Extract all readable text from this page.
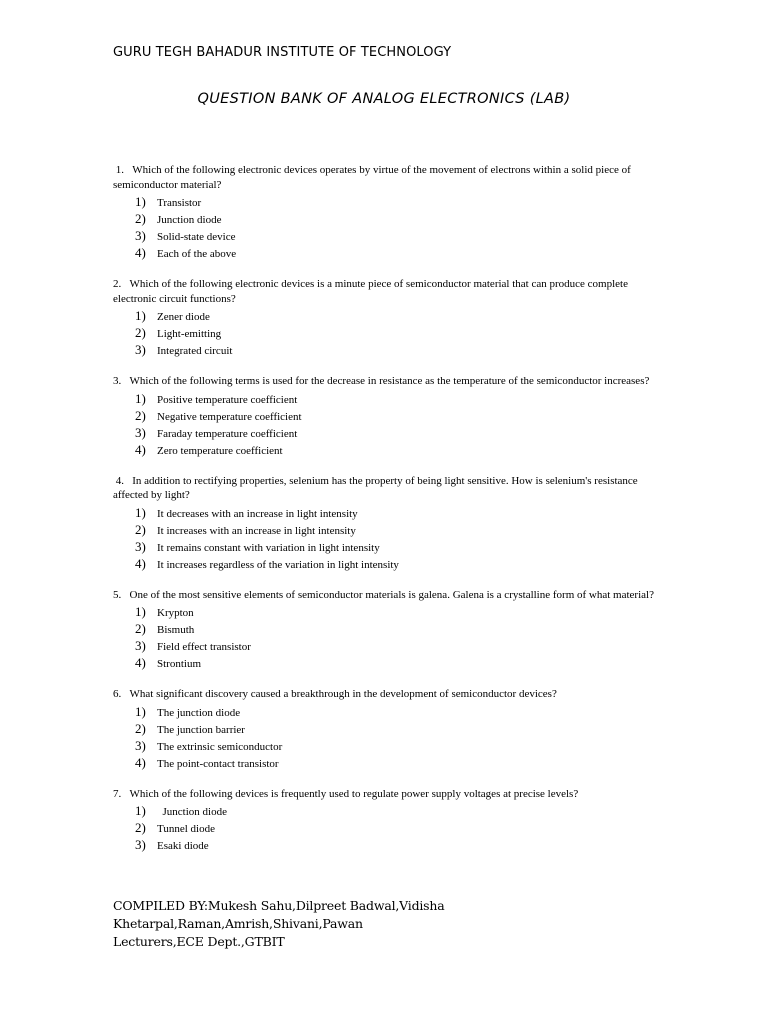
GURU TEGH BAHADUR INSTITUTE OF TECHNOLOGY
QUESTION BANK OF ANALOG ELECTRONICS (LAB)
1. Which of the following electronic devices operates by virtue of the movement of electrons within a solid piece of semiconductor material?
1)	Transistor
2)	Junction diode
3)	Solid-state device
4)	Each of the above
2. Which of the following electronic devices is a minute piece of semiconductor material that can produce complete electronic circuit functions?
1)	Zener diode
2)	Light-emitting
3)	Integrated circuit
3. Which of the following terms is used for the decrease in resistance as the temperature of the semiconductor increases?
1)	Positive temperature coefficient
2)	Negative temperature coefficient
3)	Faraday temperature coefficient
4)	Zero temperature coefficient
4. In addition to rectifying properties, selenium has the property of being light sensitive. How is selenium's resistance affected by light?
1)	It decreases with an increase in light intensity
2)	It increases with an increase in light intensity
3)	It remains constant with variation in light intensity
4)	It increases regardless of the variation in light intensity
5. One of the most sensitive elements of semiconductor materials is galena. Galena is a crystalline form of what material?
1)	Krypton
2)	Bismuth
3)	Field effect transistor
4)	Strontium
6. What significant discovery caused a breakthrough in the development of semiconductor devices?
1)	The junction diode
2)	The junction barrier
3)	The extrinsic semiconductor
4)	The point-contact transistor
7. Which of the following devices is frequently used to regulate power supply voltages at precise levels?
1)	Junction diode
2)	Tunnel diode
3)	Esaki diode
COMPILED BY:Mukesh Sahu,Dilpreet Badwal,Vidisha
Khetarpal,Raman,Amrish,Shivani,Pawan
Lecturers,ECE Dept.,GTBIT
